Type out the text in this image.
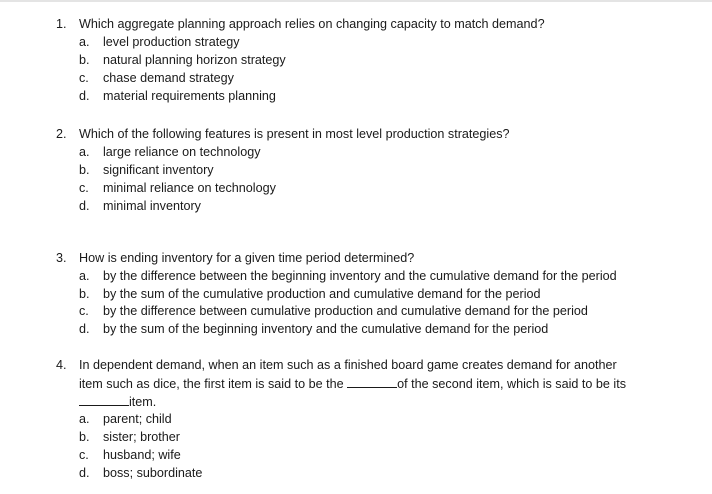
1. Which aggregate planning approach relies on changing capacity to match demand?
a.	level production strategy
b.	natural planning horizon strategy
c.	chase demand strategy
d.	material requirements planning
2. Which of the following features is present in most level production strategies?
a.	large reliance on technology
b.	significant inventory
c.	minimal reliance on technology
d.	minimal inventory
3. How is ending inventory for a given time period determined?
a.	by the difference between the beginning inventory and the cumulative demand for the period
b.	by the sum of the cumulative production and cumulative demand for the period
c.	by the difference between cumulative production and cumulative demand for the period
d.	by the sum of the beginning inventory and the cumulative demand for the period
4. In dependent demand, when an item such as a finished board game creates demand for another
item such as dice, the first item is said to be the	of the second item, which is said to be its
item.
a.	parent; child
b.	sister; brother
c.	husband; wife
d.	boss; subordinate
